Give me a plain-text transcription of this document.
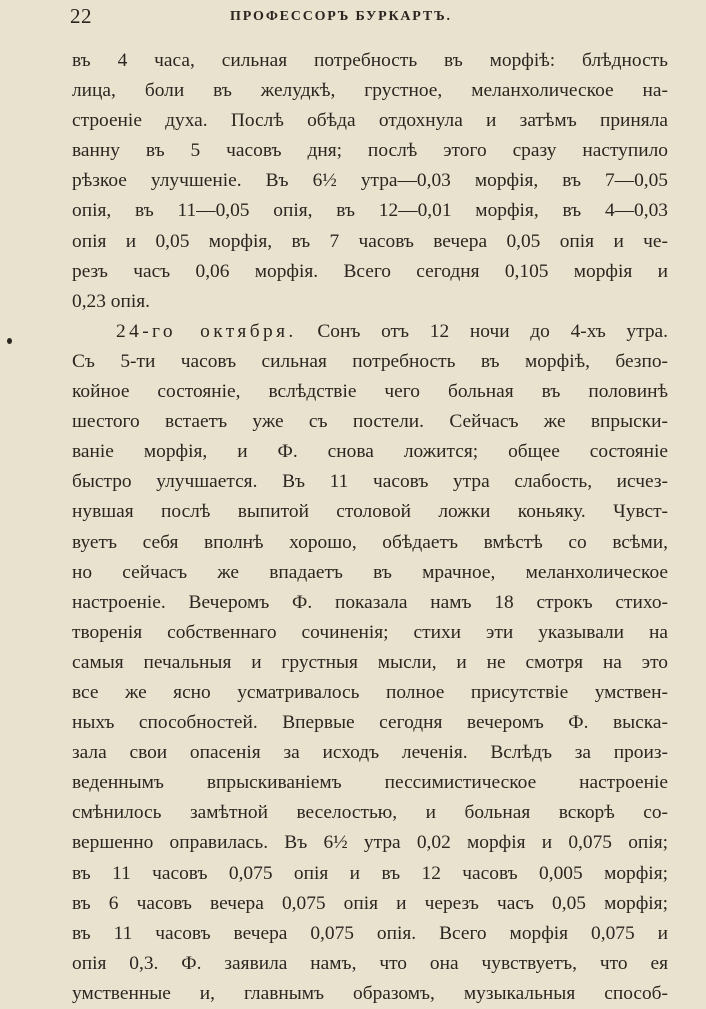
22	ПРОФЕССОРЪ БУРКАРТЪ.
въ 4 часа, сильная потребность въ морфіѣ: блѣдность
лица, боли въ желудкѣ, грустное, меланхолическое на-
строеніе духа. Послѣ обѣда отдохнула и затѣмъ приняла
ванну въ 5 часовъ дня; послѣ этого сразу наступило
рѣзкое улучшеніе. Въ 6½ утра—0,03 морфія, въ 7—0,05
опія, въ 11—0,05 опія, въ 12—0,01 морфія, въ 4—0,03
опія и 0,05 морфія, въ 7 часовъ вечера 0,05 опія и че-
резъ часъ 0,06 морфія. Всего сегодня 0,105 морфія и
0,23 опія.
24-го октября. Сонъ отъ 12 ночи до 4-хъ утра.
Съ 5-ти часовъ сильная потребность въ морфіѣ, безпо-
койное состояніе, вслѣдствіе чего больная въ половинѣ
шестого встаетъ уже съ постели. Сейчасъ же впрыски-
ваніе морфія, и Ф. снова ложится; общее состояніе
быстро улучшается. Въ 11 часовъ утра слабость, исчез-
нувшая послѣ выпитой столовой ложки коньяку. Чувст-
вуетъ себя вполнѣ хорошо, обѣдаетъ вмѣстѣ со всѣми,
но сейчасъ же впадаетъ въ мрачное, меланхолическое
настроеніе. Вечеромъ Ф. показала намъ 18 строкъ стихо-
творенія собственнаго сочиненія; стихи эти указывали на
самыя печальныя и грустныя мысли, и не смотря на это
все же ясно усматривалось полное присутствіе умствен-
ныхъ способностей. Впервые сегодня вечеромъ Ф. выска-
зала свои опасенія за исходъ леченія. Вслѣдъ за произ-
веденнымъ впрыскиваніемъ пессимистическое настроеніе
смѣнилось замѣтной веселостью, и больная вскорѣ со-
вершенно оправилась. Въ 6½ утра 0,02 морфія и 0,075 опія;
въ 11 часовъ 0,075 опія и въ 12 часовъ 0,005 морфія;
въ 6 часовъ вечера 0,075 опія и черезъ часъ 0,05 морфія;
въ 11 часовъ вечера 0,075 опія. Всего морфія 0,075 и
опія 0,3. Ф. заявила намъ, что она чувствуетъ, что ея
умственные и, главнымъ образомъ, музыкальныя способ-
